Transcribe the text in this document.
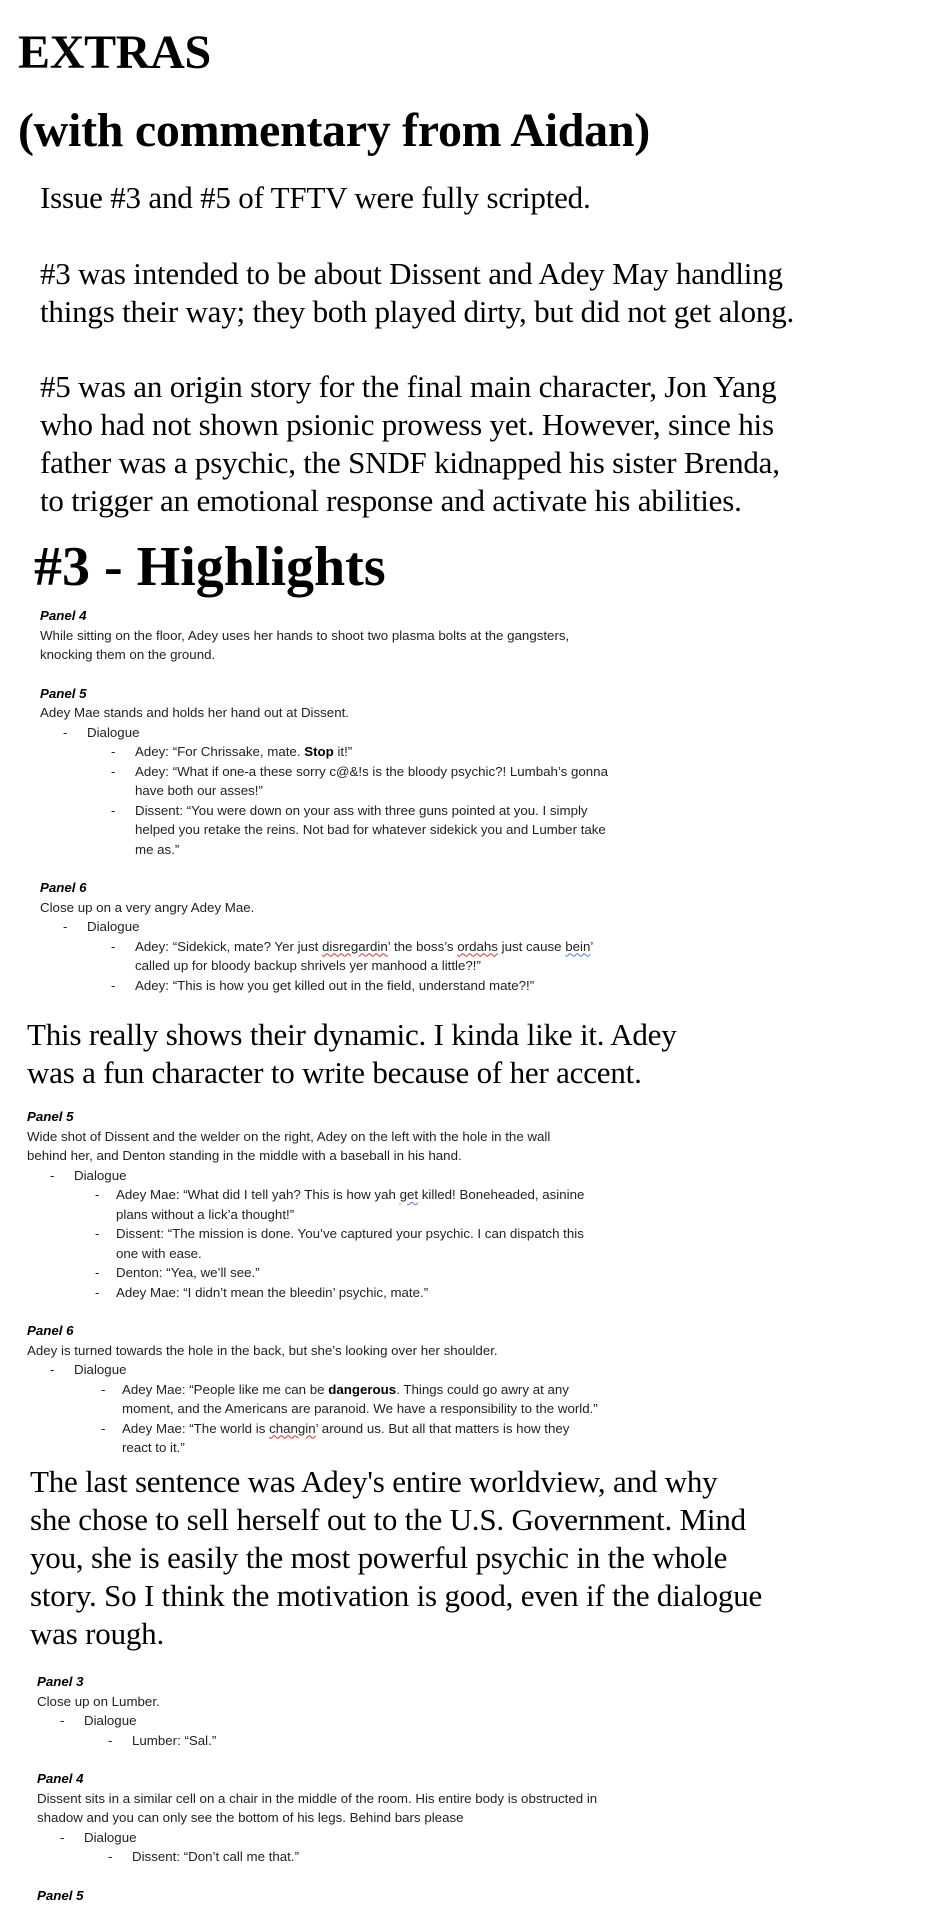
EXTRAS
(with commentary from Aidan)
Issue #3 and #5 of TFTV were fully scripted.
#3 was intended to be about Dissent and Adey May handling
things their way; they both played dirty, but did not get along.
#5 was an origin story for the final main character, Jon Yang
who had not shown psionic prowess yet. However, since his
father was a psychic, the SNDF kidnapped his sister Brenda,
to trigger an emotional response and activate his abilities.
#3 - Highlights
Panel 4
While sitting on the floor, Adey uses her hands to shoot two plasma bolts at the gangsters,
knocking them on the ground.
Panel 5
Adey Mae stands and holds her hand out at Dissent.
- Dialogue
- Adey: “For Chrissake, mate. Stop it!”
- Adey: “What if one-a these sorry c@&!s is the bloody psychic?! Lumbah’s gonna
have both our asses!”
- Dissent: “You were down on your ass with three guns pointed at you. I simply
helped you retake the reins. Not bad for whatever sidekick you and Lumber take
me as.”
Panel 6
Close up on a very angry Adey Mae.
- Dialogue
- Adey: “Sidekick, mate? Yer just disregardin’ the boss’s ordahs just cause bein’
called up for bloody backup shrivels yer manhood a little?!”
- Adey: “This is how you get killed out in the field, understand mate?!”
This really shows their dynamic. I kinda like it. Adey
was a fun character to write because of her accent.
Panel 5
Wide shot of Dissent and the welder on the right, Adey on the left with the hole in the wall
behind her, and Denton standing in the middle with a baseball in his hand.
- Dialogue
- Adey Mae: “What did I tell yah? This is how yah get killed! Boneheaded, asinine
plans without a lick’a thought!”
- Dissent: “The mission is done. You’ve captured your psychic. I can dispatch this
one with ease.
- Denton: “Yea, we’ll see.”
- Adey Mae: “I didn’t mean the bleedin’ psychic, mate.”
Panel 6
Adey is turned towards the hole in the back, but she’s looking over her shoulder.
- Dialogue
- Adey Mae: “People like me can be dangerous. Things could go awry at any
moment, and the Americans are paranoid. We have a responsibility to the world.”
- Adey Mae: “The world is changin’ around us. But all that matters is how they
react to it.”
The last sentence was Adey's entire worldview, and why
she chose to sell herself out to the U.S. Government. Mind
you, she is easily the most powerful psychic in the whole
story. So I think the motivation is good, even if the dialogue
was rough.
Panel 3
Close up on Lumber.
- Dialogue
- Lumber: “Sal.”
Panel 4
Dissent sits in a similar cell on a chair in the middle of the room. His entire body is obstructed in
shadow and you can only see the bottom of his legs. Behind bars please
- Dialogue
- Dissent: “Don’t call me that.”
Panel 5
